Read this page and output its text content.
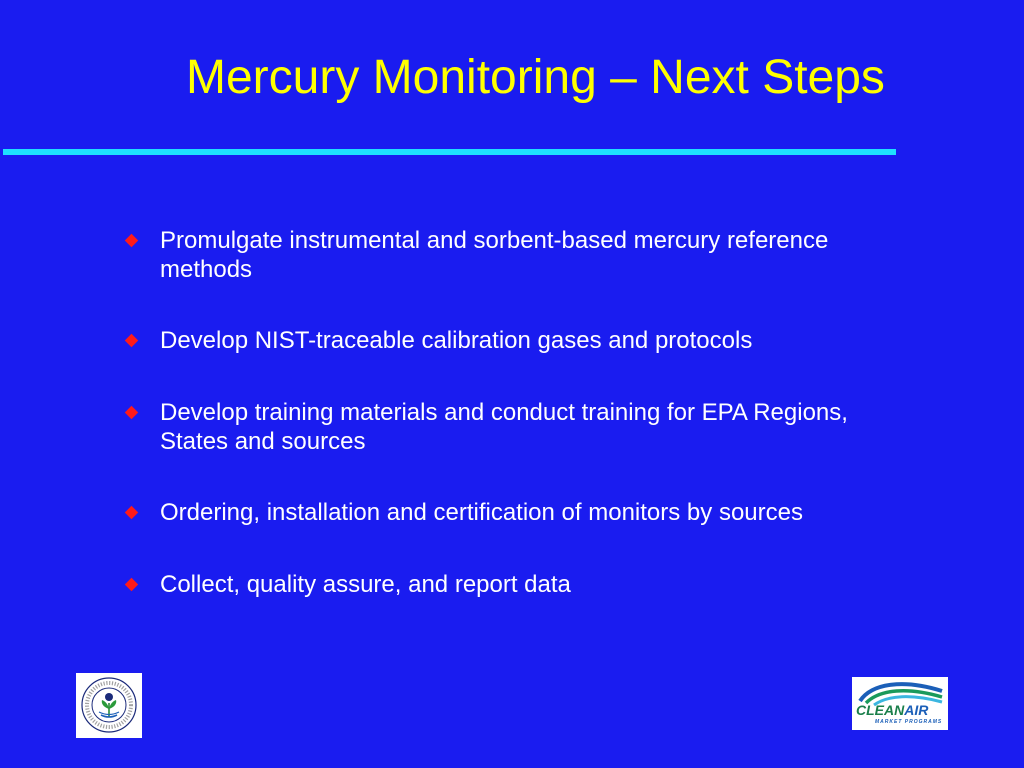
Mercury Monitoring – Next Steps
Promulgate instrumental and sorbent-based mercury reference methods
Develop NIST-traceable calibration gases and protocols
Develop training materials and conduct training for EPA Regions, States and sources
Ordering, installation and certification of monitors by sources
Collect, quality assure, and report data
CLEANAIR
MARKET PROGRAMS
